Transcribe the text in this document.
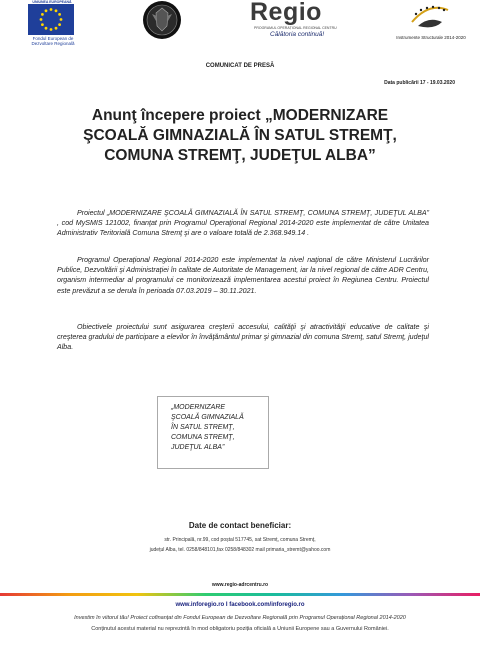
UNIUNEA EUROPEANĂ
Fondul European de Dezvoltare Regională
Regio
PROGRAMUL OPERAȚIONAL REGIONAL CENTRU
Călătoria continuă!	Instrumente Structurale 2014-2020
COMUNICAT DE PRESĂ
Data publicării 17 - 19.03.2020
Anunţ începere proiect „MODERNIZARE ŞCOALĂ GIMNAZIALĂ ÎN SATUL STREMŢ, COMUNA STREMŢ, JUDEŢUL ALBA”
Proiectul „MODERNIZARE ŞCOALĂ GIMNAZIALĂ ÎN SATUL STREMŢ, COMUNA STREMŢ, JUDEŢUL ALBA” , cod MySMIS 121002, finanţat prin Programul Operaţional Regional 2014-2020 este implementat de către Unitatea Administrativ Teritorială Comuna Stremţ şi are o valoare totală de 2.368.949.14 .
Programul Operaţional Regional 2014-2020 este implementat la nivel naţional de către Ministerul Lucrărilor Publice, Dezvoltării şi Administraţiei în calitate de Autoritate de Management, iar la nivel regional de către ADR Centru, organism intermediar al programului ce monitorizează implementarea acestui proiect în Regiunea Centru. Proiectul este prevăzut a se derula în perioada 07.03.2019 – 30.11.2021.
Obiectivele proiectului sunt asigurarea creşterii accesului, calităţii şi atractivităţii educative de calitate şi creşterea gradului de participare a elevilor în învăţământul primar şi gimnazial din comuna Stremţ, satul Stremţ, judeţul Alba.
„MODERNIZARE
ŞCOALĂ GIMNAZIALĂ
ÎN SATUL STREMŢ,
COMUNA STREMŢ,
JUDEŢUL ALBA”
Date de contact beneficiar:
str. Principală, nr.99, cod poștal 517745, sat Stremț, comuna Stremț,
județul Alba, tel. 0258/848101,fax 0258/848302 mail primaria_stremt@yahoo.com
www.regio-adrcentru.ro
www.inforegio.ro I facebook.com/inforegio.ro
Investim în viitorul tău! Proiect cofinanțat din Fondul European de Dezvoltare Regională prin Programul Operațional Regional 2014-2020
Conținutul acestui material nu reprezintă în mod obligatoriu poziția oficială a Uniunii Europene sau a Guvernului României.
